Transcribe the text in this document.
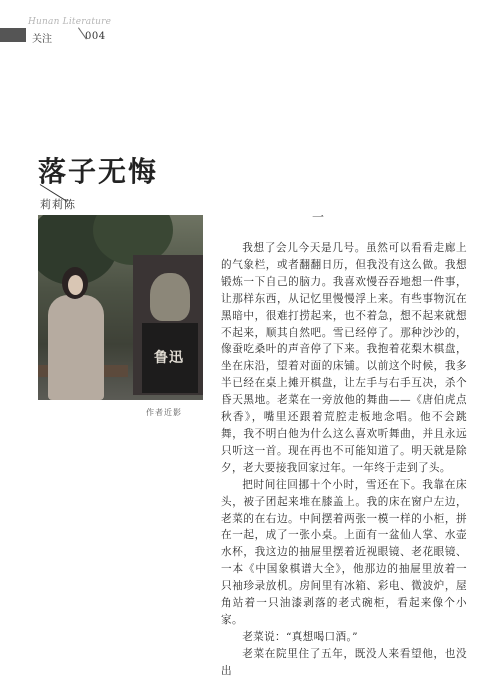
Hunan Literature
关注	004
落子无悔
莉莉陈
鲁迅
作者近影
一

我想了会儿今天是几号。虽然可以看看走廊上的气象栏，或者翻翻日历，但我没有这么做。我想锻炼一下自己的脑力。我喜欢慢吞吞地想一件事，让那样东西，从记忆里慢慢浮上来。有些事物沉在黑暗中，很难打捞起来，也不着急，想不起来就想不起来，顺其自然吧。雪已经停了。那种沙沙的，像蚕吃桑叶的声音停了下来。我抱着花梨木棋盘，坐在床沿，望着对面的床铺。以前这个时候，我多半已经在桌上摊开棋盘，让左手与右手互决，杀个昏天黑地。老菜在一旁放他的舞曲——《唐伯虎点秋香》，嘴里还跟着荒腔走板地念唱。他不会跳舞，我不明白他为什么这么喜欢听舞曲，并且永远只听这一首。现在再也不可能知道了。明天就是除夕，老大要接我回家过年。一年终于走到了头。

把时间往回挪十个小时，雪还在下。我靠在床头，被子团起来堆在膝盖上。我的床在窗户左边，老菜的在右边。中间摆着两张一模一样的小柜，拼在一起，成了一张小桌。上面有一盆仙人掌、水壶水杯，我这边的抽屉里摆着近视眼镜、老花眼镜、一本《中国象棋谱大全》，他那边的抽屉里放着一只袖珍录放机。房间里有冰箱、彩电、微波炉，屋角站着一只油漆剥落的老式碗柜，看起来像个小家。

老菜说：“真想喝口酒。”

老菜在院里住了五年，既没人来看望他，也没出
